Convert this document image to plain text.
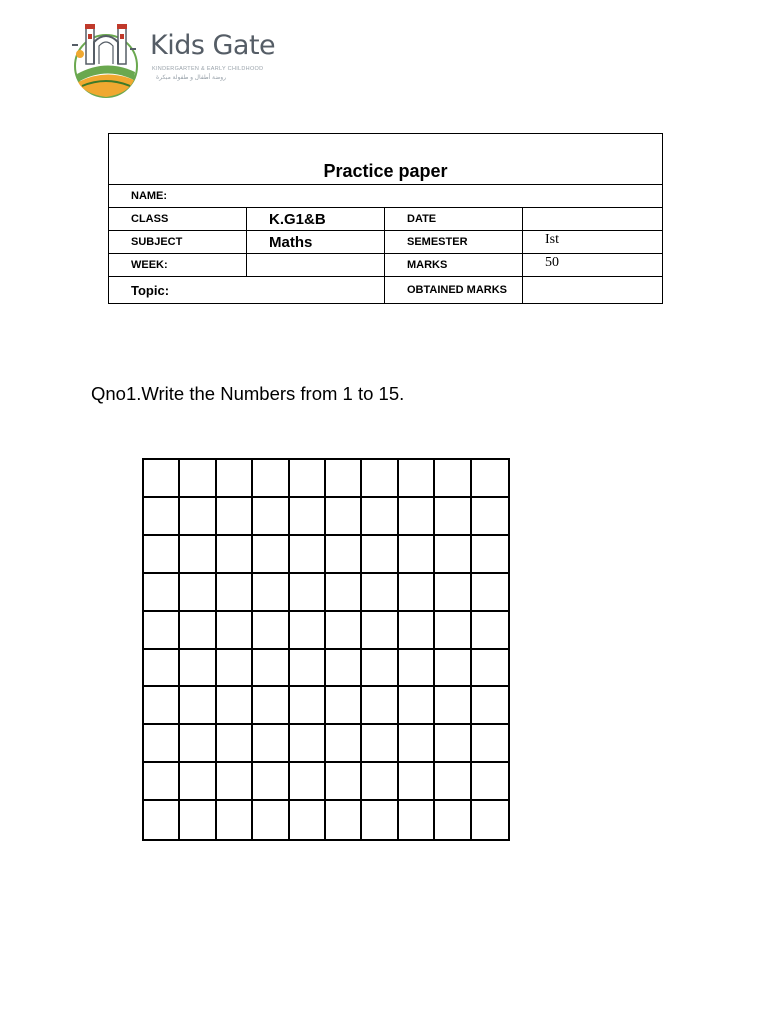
Kids Gate
KINDERGARTEN & EARLY CHILDHOOD
روضة أطفال و طفولة مبكرة
Practice paper			
NAME:			
CLASS	K.G1&B	DATE	
SUBJECT	Maths	SEMESTER	Ist
WEEK:		MARKS	50
Topic:		OBTAINED MARKS	
Qno1.Write the Numbers from 1 to 15.
